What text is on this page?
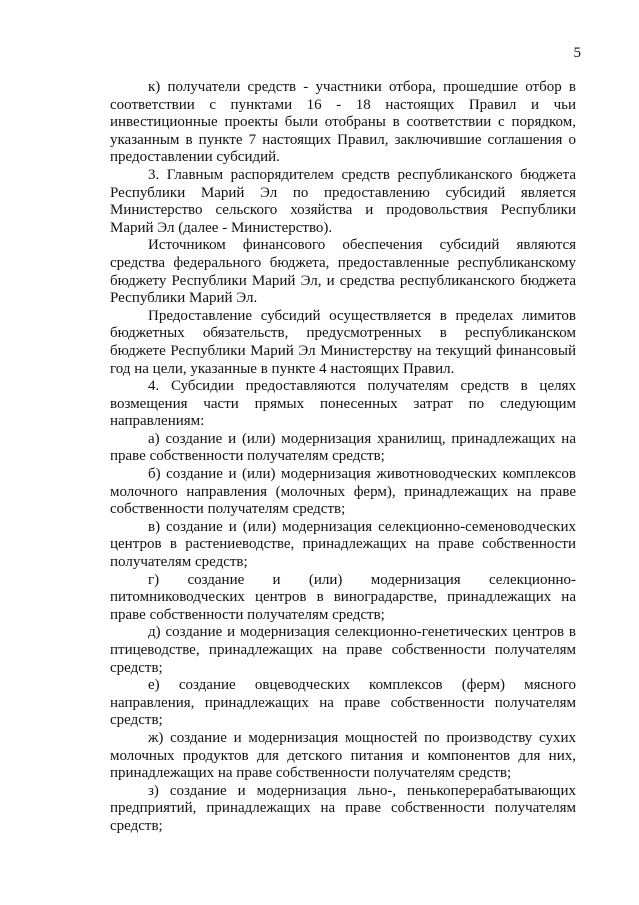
5

к) получатели средств - участники отбора, прошедшие отбор в соответствии с пунктами 16 - 18 настоящих Правил и чьи инвестиционные проекты были отобраны в соответствии с порядком, указанным в пункте 7 настоящих Правил, заключившие соглашения о предоставлении субсидий.

3. Главным распорядителем средств республиканского бюджета Республики Марий Эл по предоставлению субсидий является Министерство сельского хозяйства и продовольствия Республики Марий Эл (далее - Министерство).

Источником финансового обеспечения субсидий являются средства федерального бюджета, предоставленные республиканскому бюджету Республики Марий Эл, и средства республиканского бюджета Республики Марий Эл.

Предоставление субсидий осуществляется в пределах лимитов бюджетных обязательств, предусмотренных в республиканском бюджете Республики Марий Эл Министерству на текущий финансовый год на цели, указанные в пункте 4 настоящих Правил.

4. Субсидии предоставляются получателям средств в целях возмещения части прямых понесенных затрат по следующим направлениям:

а) создание и (или) модернизация хранилищ, принадлежащих на праве собственности получателям средств;

б) создание и (или) модернизация животноводческих комплексов молочного направления (молочных ферм), принадлежащих на праве собственности получателям средств;

в) создание и (или) модернизация селекционно-семеноводческих центров в растениеводстве, принадлежащих на праве собственности получателям средств;

г) создание и (или) модернизация селекционно-питомниководческих центров в виноградарстве, принадлежащих на праве собственности получателям средств;

д) создание и модернизация селекционно-генетических центров в птицеводстве, принадлежащих на праве собственности получателям средств;

е) создание овцеводческих комплексов (ферм) мясного направления, принадлежащих на праве собственности получателям средств;

ж) создание и модернизация мощностей по производству сухих молочных продуктов для детского питания и компонентов для них, принадлежащих на праве собственности получателям средств;

з) создание и модернизация льно-, пенькоперерабатывающих предприятий, принадлежащих на праве собственности получателям средств;
